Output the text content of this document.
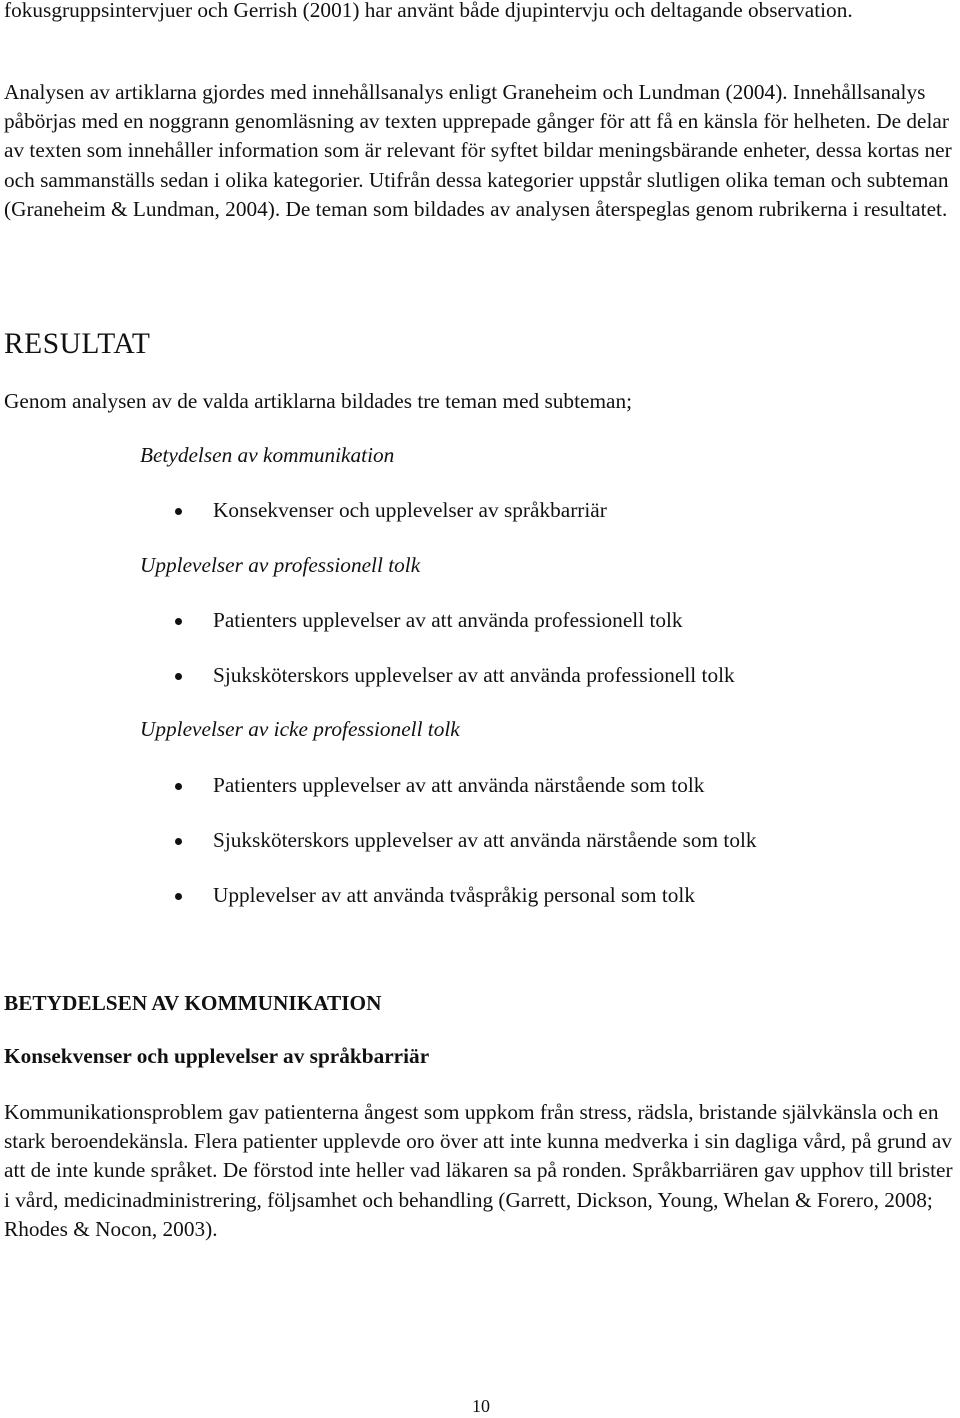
fokusgruppsintervjuer och Gerrish (2001) har använt både djupintervju och deltagande observation.

Analysen av artiklarna gjordes med innehållsanalys enligt Graneheim och Lundman (2004). Innehållsanalys påbörjas med en noggrann genomläsning av texten upprepade gånger för att få en känsla för helheten. De delar av texten som innehåller information som är relevant för syftet bildar meningsbärande enheter, dessa kortas ner och sammanställs sedan i olika kategorier. Utifrån dessa kategorier uppstår slutligen olika teman och subteman (Graneheim & Lundman, 2004). De teman som bildades av analysen återspeglas genom rubrikerna i resultatet.

RESULTAT

Genom analysen av de valda artiklarna bildades tre teman med subteman;

Betydelsen av kommunikation

Konsekvenser och upplevelser av språkbarriär

Upplevelser av professionell tolk

Patienters upplevelser av att använda professionell tolk

Sjuksköterskors upplevelser av att använda professionell tolk

Upplevelser av icke professionell tolk

Patienters upplevelser av att använda närstående som tolk

Sjuksköterskors upplevelser av att använda närstående som tolk

Upplevelser av att använda tvåspråkig personal som tolk

BETYDELSEN AV KOMMUNIKATION

Konsekvenser och upplevelser av språkbarriär

Kommunikationsproblem gav patienterna ångest som uppkom från stress, rädsla, bristande självkänsla och en stark beroendekänsla. Flera patienter upplevde oro över att inte kunna medverka i sin dagliga vård, på grund av att de inte kunde språket. De förstod inte heller vad läkaren sa på ronden. Språkbarriären gav upphov till brister i vård, medicinadministrering, följsamhet och behandling (Garrett, Dickson, Young, Whelan & Forero, 2008; Rhodes & Nocon, 2003).

10
